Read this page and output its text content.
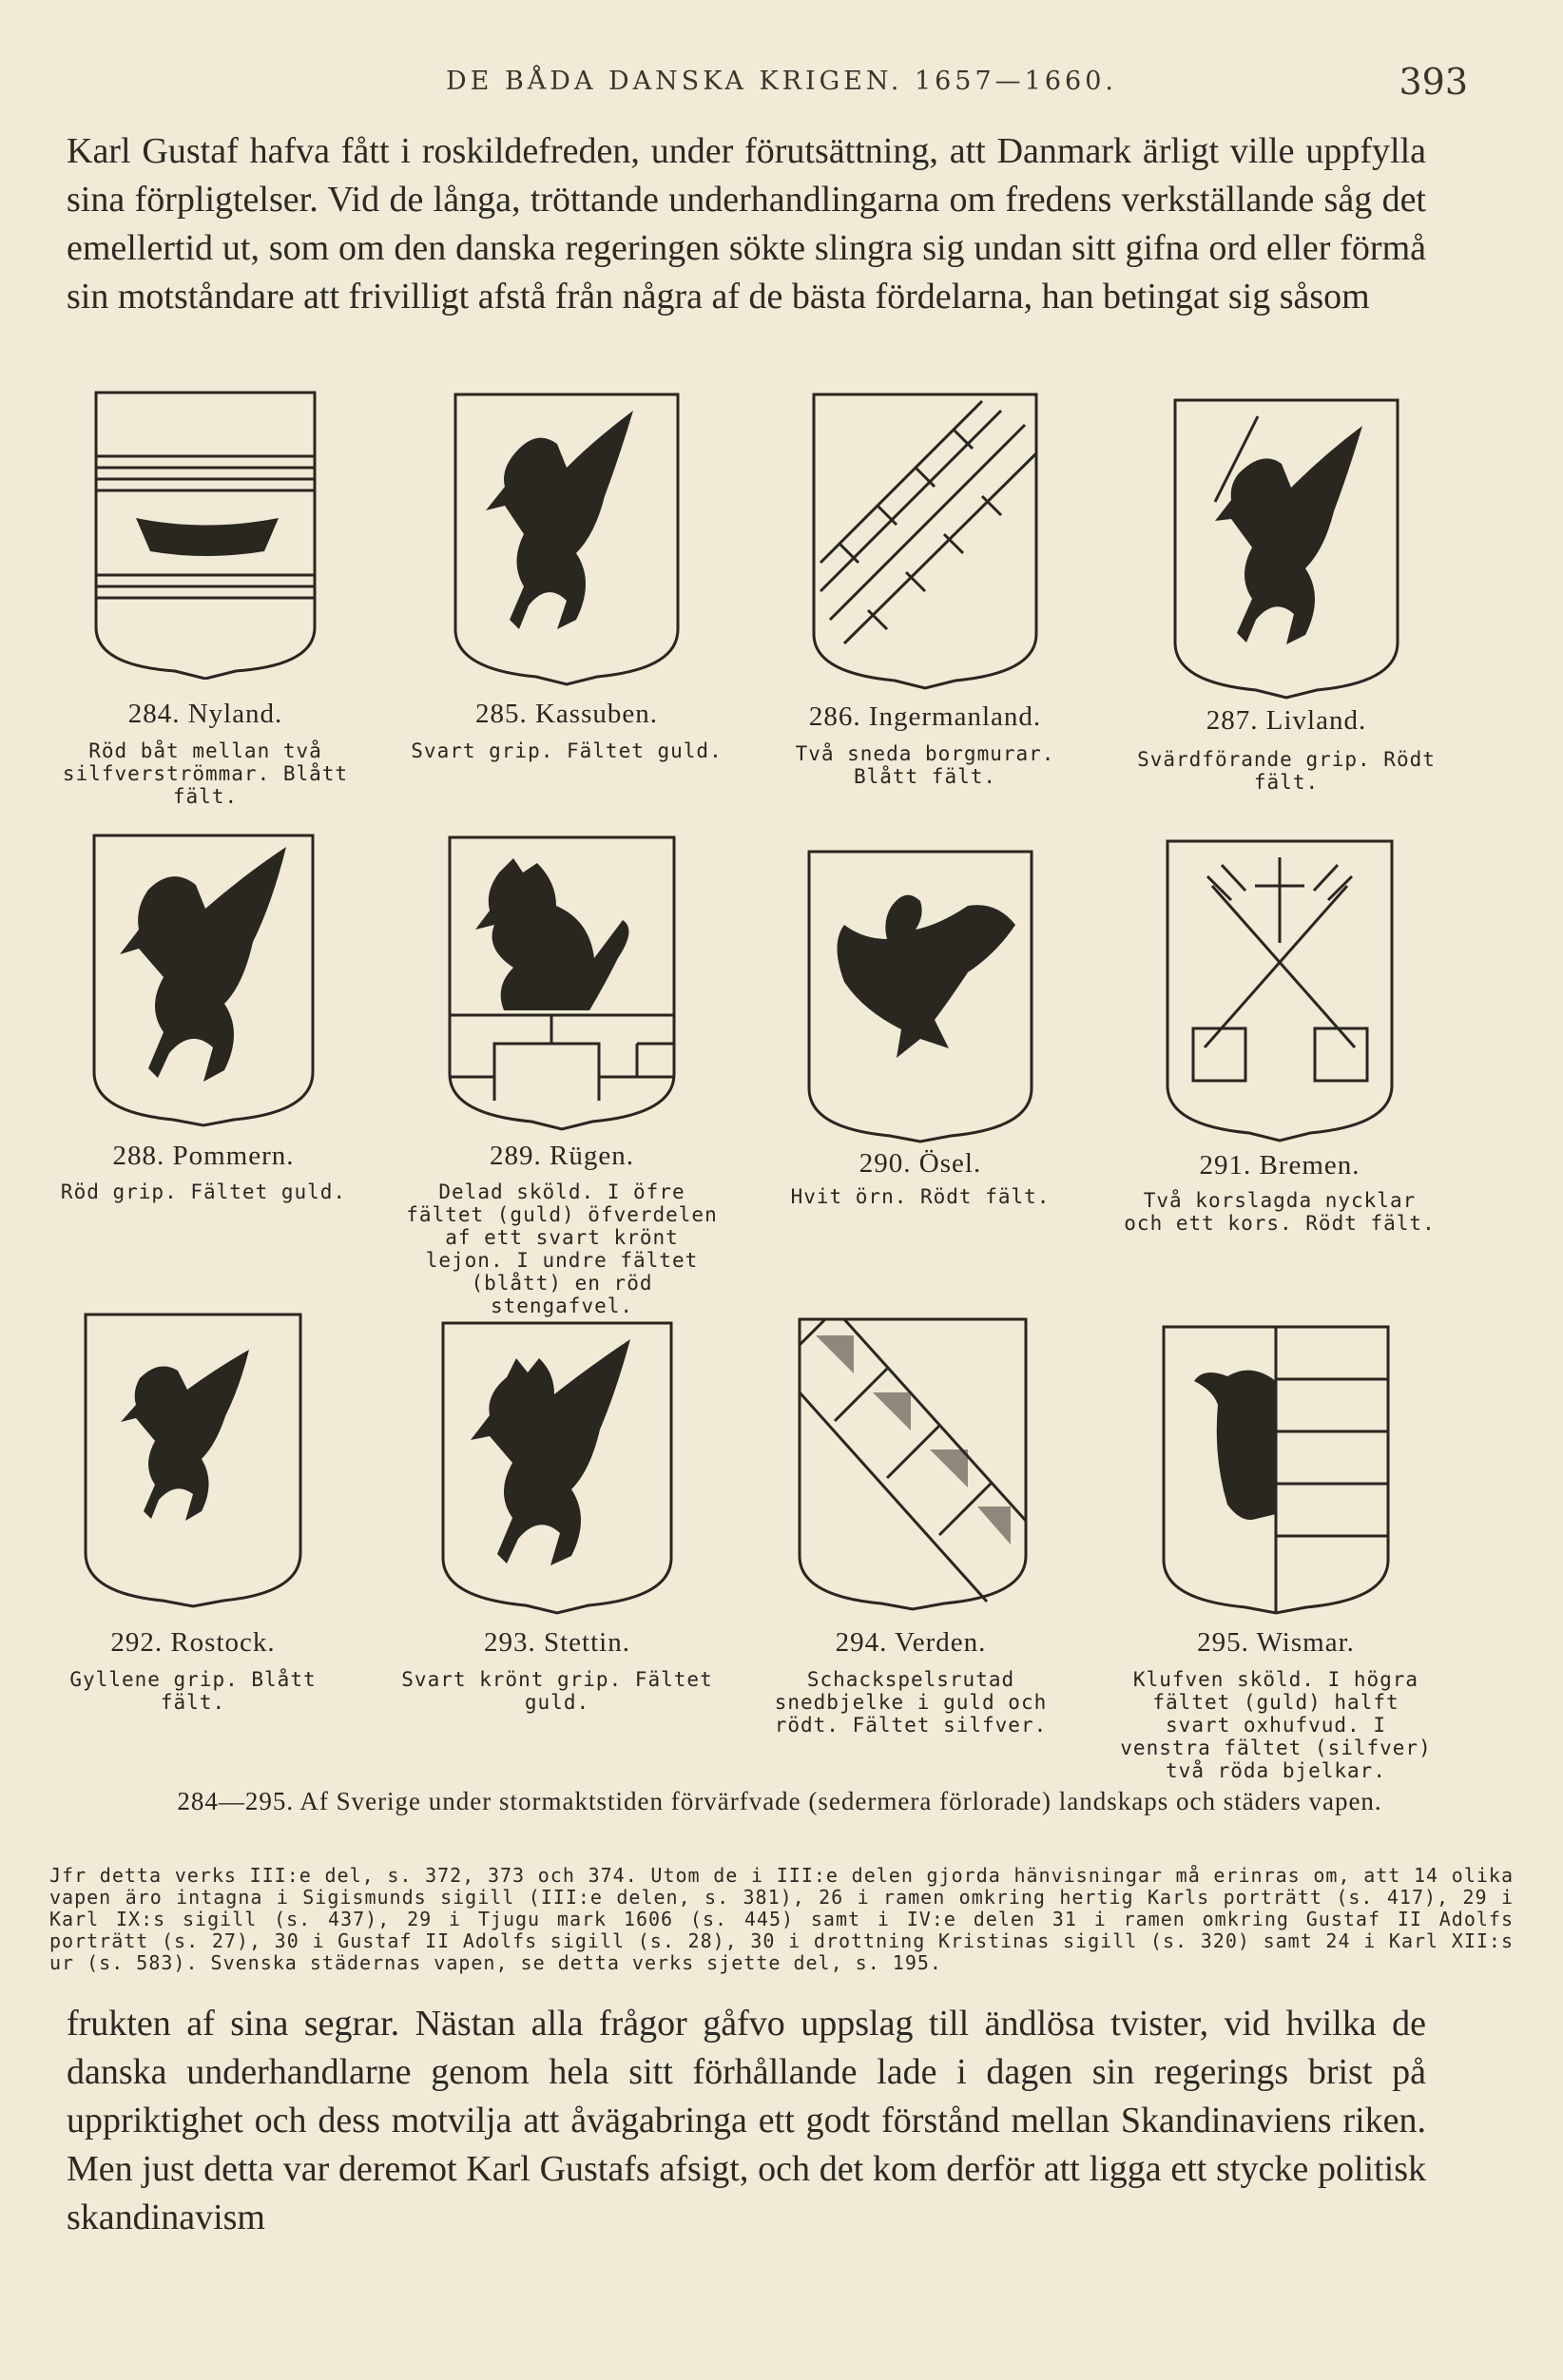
DE BÅDA DANSKA KRIGEN. 1657—1660.	393

Karl Gustaf hafva fått i roskildefreden, under förutsättning, att Danmark ärligt ville uppfylla sina förpligtelser. Vid de långa, tröttande underhandlingarna om fredens verkställande såg det emellertid ut, som om den danska regeringen sökte slingra sig undan sitt gifna ord eller förmå sin motståndare att frivilligt afstå från några af de bästa fördelarna, han betingat sig såsom

284. Nyland.
Röd båt mellan två silfverströmmar. Blått fält.
285. Kassuben.
Svart grip. Fältet guld.
286. Ingermanland.
Två sneda borgmurar. Blått fält.
287. Livland.
Svärdförande grip. Rödt fält.
288. Pommern.
Röd grip. Fältet guld.
289. Rügen.
Delad sköld. I öfre fältet (guld) öfverdelen af ett svart krönt lejon. I undre fältet (blått) en röd stengafvel.
290. Ösel.
Hvit örn. Rödt fält.
291. Bremen.
Två korslagda nycklar och ett kors. Rödt fält.
292. Rostock.
Gyllene grip. Blått fält.
293. Stettin.
Svart krönt grip. Fältet guld.
294. Verden.
Schackspelsrutad snedbjelke i guld och rödt. Fältet silfver.
295. Wismar.
Klufven sköld. I högra fältet (guld) halft svart oxhufvud. I venstra fältet (silfver) två röda bjelkar.
284—295. Af Sverige under stormaktstiden förvärfvade (sedermera förlorade) landskaps och städers vapen.
Jfr detta verks III:e del, s. 372, 373 och 374. Utom de i III:e delen gjorda hänvisningar må erinras om, att 14 olika vapen äro intagna i Sigismunds sigill (III:e delen, s. 381), 26 i ramen omkring hertig Karls porträtt (s. 417), 29 i Karl IX:s sigill (s. 437), 29 i Tjugu mark 1606 (s. 445) samt i IV:e delen 31 i ramen omkring Gustaf II Adolfs porträtt (s. 27), 30 i Gustaf II Adolfs sigill (s. 28), 30 i drottning Kristinas sigill (s. 320) samt 24 i Karl XII:s ur (s. 583). Svenska städernas vapen, se detta verks sjette del, s. 195.

frukten af sina segrar. Nästan alla frågor gåfvo uppslag till ändlösa tvister, vid hvilka de danska underhandlarne genom hela sitt förhållande lade i dagen sin regerings brist på uppriktighet och dess motvilja att åvägabringa ett godt förstånd mellan Skandinaviens riken. Men just detta var deremot Karl Gustafs afsigt, och det kom derför att ligga ett stycke politisk skandinavism
